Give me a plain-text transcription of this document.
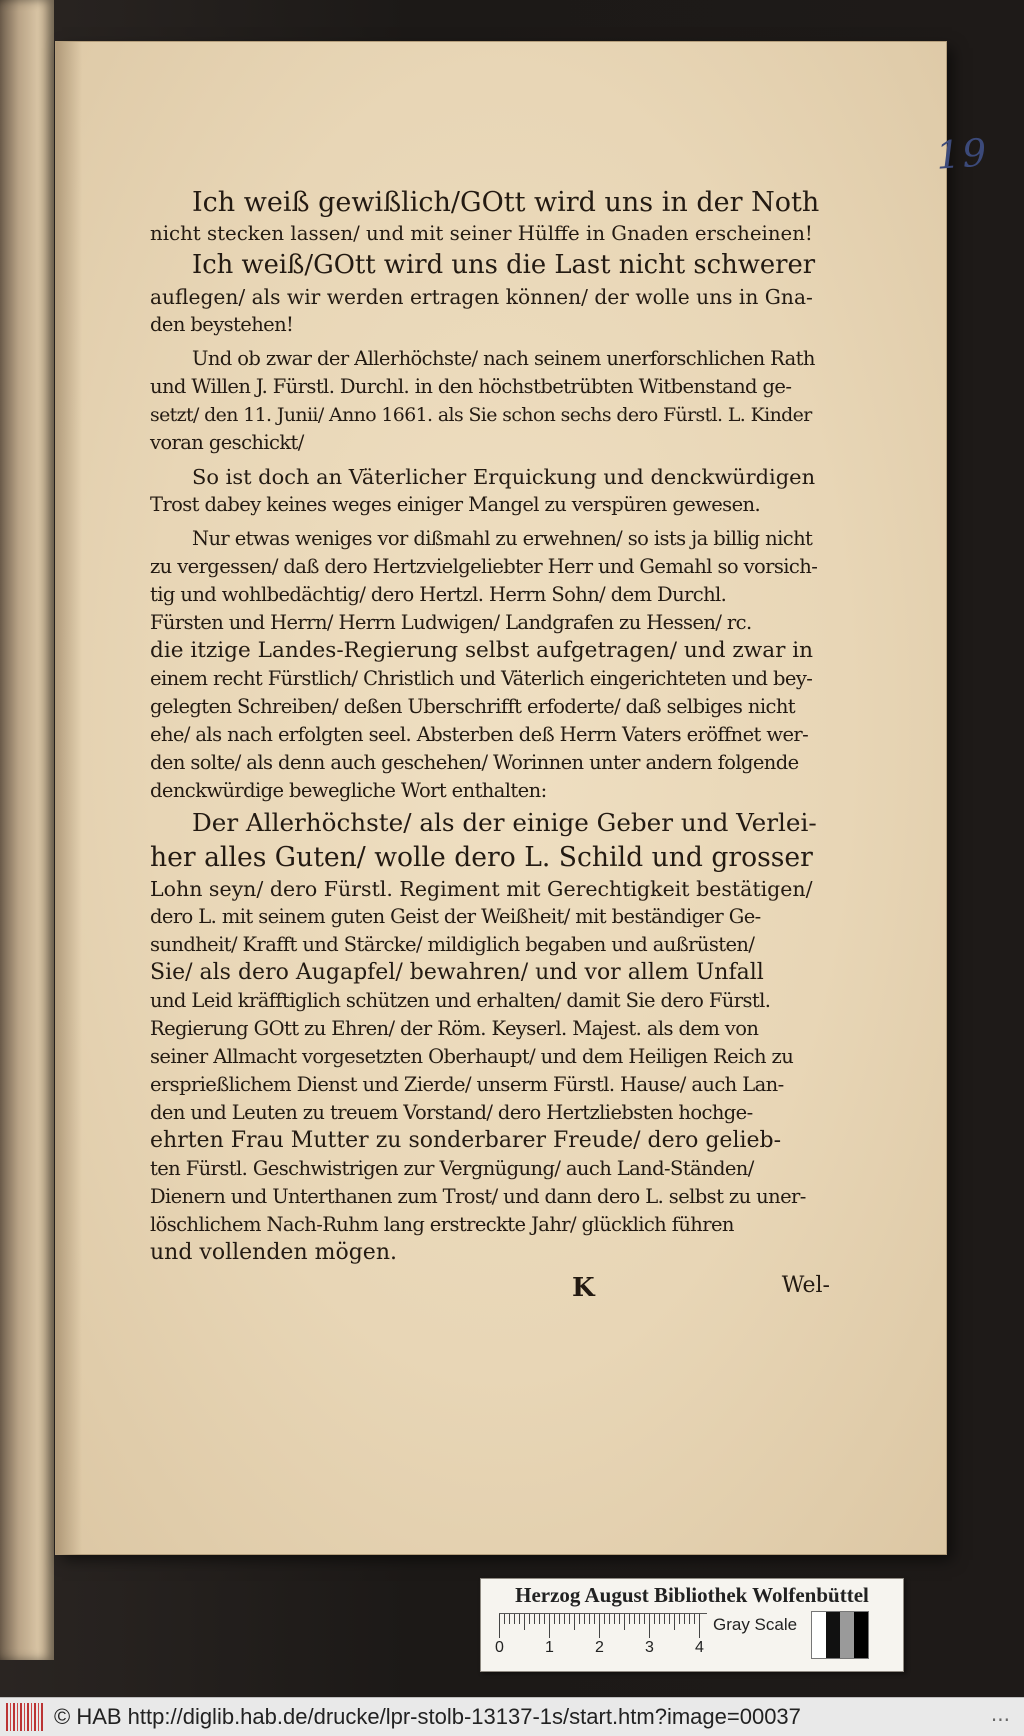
19
Ich weiß gewißlich/GOtt wird uns in der Noth
nicht stecken lassen/ und mit seiner Hülffe in Gnaden erscheinen!
Ich weiß/GOtt wird uns die Last nicht schwerer
auflegen/ als wir werden ertragen können/ der wolle uns in Gna-
den beystehen!
Und ob zwar der Allerhöchste/ nach seinem unerforschlichen Rath
und Willen J. Fürstl. Durchl. in den höchstbetrübten Witbenstand ge-
setzt/ den 11. Junii/ Anno 1661. als Sie schon sechs dero Fürstl. L. Kinder
voran geschickt/
So ist doch an Väterlicher Erquickung und denckwürdigen
Trost dabey keines weges einiger Mangel zu verspüren gewesen.
Nur etwas weniges vor dißmahl zu erwehnen/ so ists ja billig nicht
zu vergessen/ daß dero Hertzvielgeliebter Herr und Gemahl so vorsich-
tig und wohlbedächtig/ dero Hertzl. Herrn Sohn/ dem Durchl.
Fürsten und Herrn/ Herrn Ludwigen/ Landgrafen zu Hessen/ rc.
die itzige Landes-Regierung selbst aufgetragen/ und zwar in
einem recht Fürstlich/ Christlich und Väterlich eingerichteten und bey-
gelegten Schreiben/ deßen Uberschrifft erfoderte/ daß selbiges nicht
ehe/ als nach erfolgten seel. Absterben deß Herrn Vaters eröffnet wer-
den solte/ als denn auch geschehen/ Worinnen unter andern folgende
denckwürdige bewegliche Wort enthalten:
Der Allerhöchste/ als der einige Geber und Verlei-
her alles Guten/ wolle dero L. Schild und grosser
Lohn seyn/ dero Fürstl. Regiment mit Gerechtigkeit bestätigen/
dero L. mit seinem guten Geist der Weißheit/ mit beständiger Ge-
sundheit/ Krafft und Stärcke/ mildiglich begaben und außrüsten/
Sie/ als dero Augapfel/ bewahren/ und vor allem Unfall
und Leid kräfftiglich schützen und erhalten/ damit Sie dero Fürstl.
Regierung GOtt zu Ehren/ der Röm. Keyserl. Majest. als dem von
seiner Allmacht vorgesetzten Oberhaupt/ und dem Heiligen Reich zu
ersprießlichem Dienst und Zierde/ unserm Fürstl. Hause/ auch Lan-
den und Leuten zu treuem Vorstand/ dero Hertzliebsten hochge-
ehrten Frau Mutter zu sonderbarer Freude/ dero gelieb-
ten Fürstl. Geschwistrigen zur Vergnügung/ auch Land-Ständen/
Dienern und Unterthanen zum Trost/ und dann dero L. selbst zu uner-
löschlichem Nach-Ruhm lang erstreckte Jahr/ glücklich führen
und vollenden mögen.
K	Wel-
Herzog August Bibliothek Wolfenbüttel
0	1	2	3	4
Gray Scale
© HAB http://diglib.hab.de/drucke/lpr-stolb-13137-1s/start.htm?image=00037	...
